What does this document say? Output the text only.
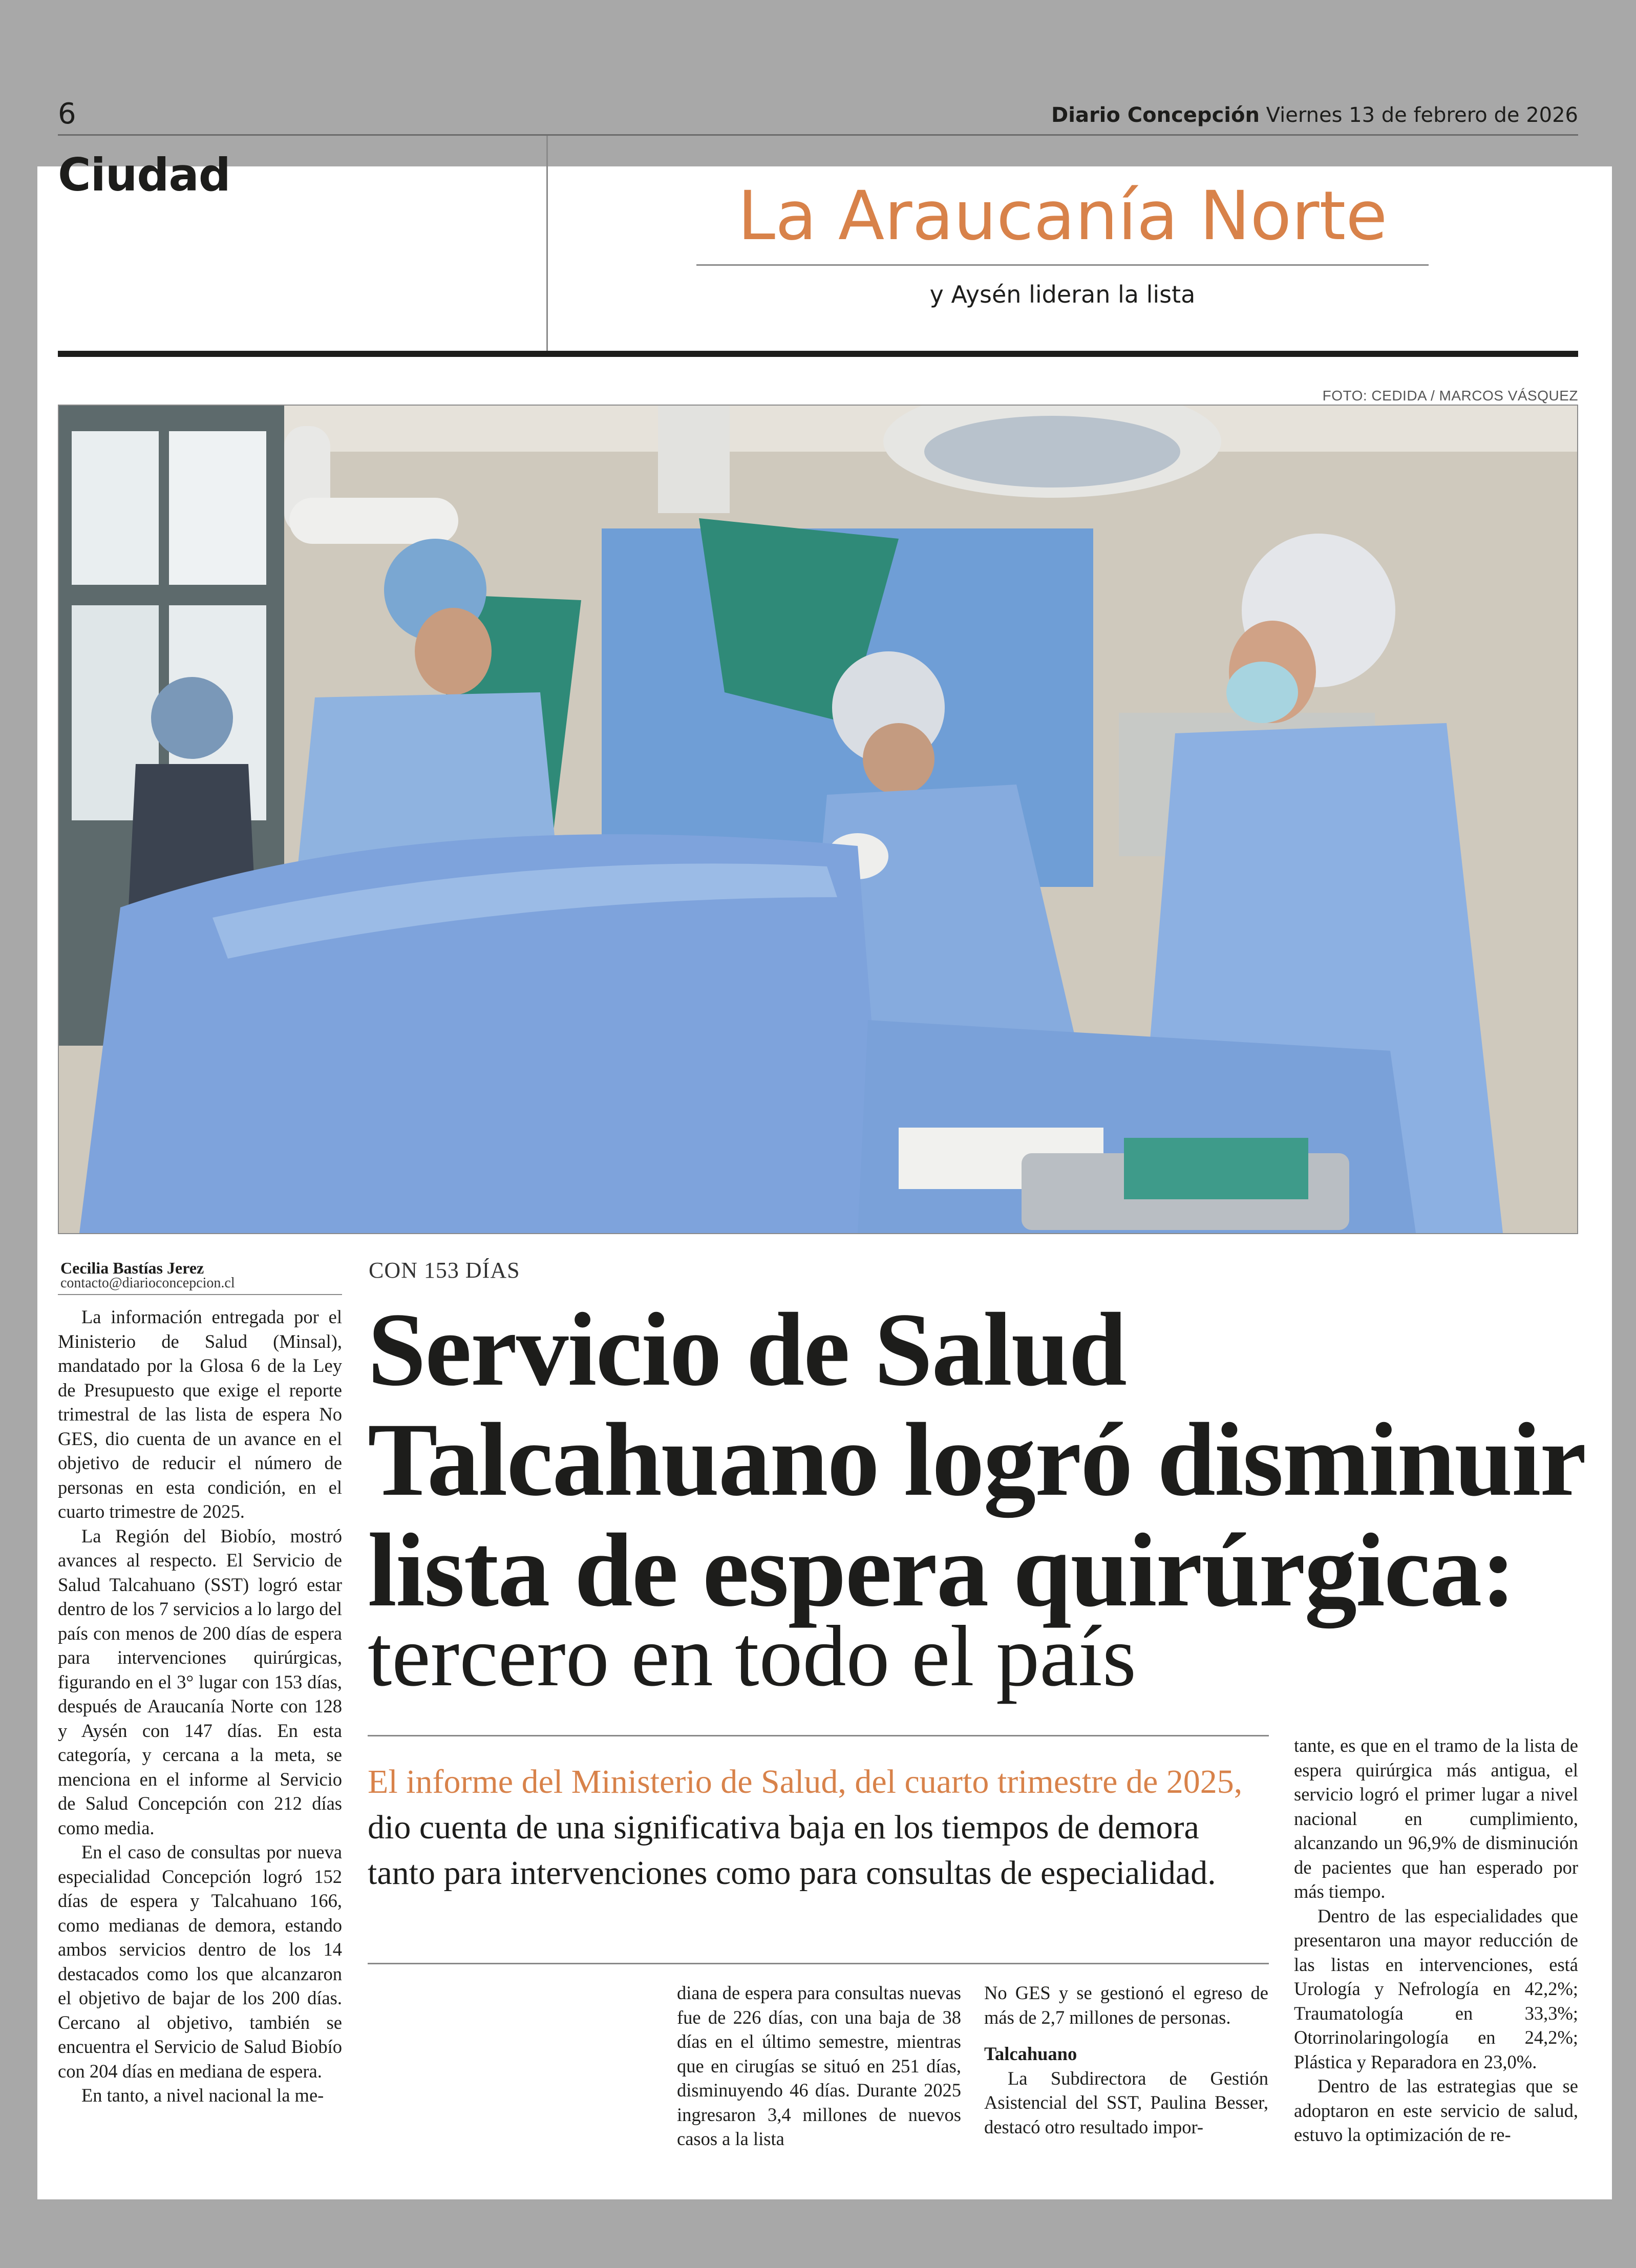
6	Diario Concepción Viernes 13 de febrero de 2026
Ciudad
La Araucanía Norte
y Aysén lideran la lista
FOTO: CEDIDA / MARCOS VÁSQUEZ
Cecilia Bastías Jerez
contacto@diarioconcepcion.cl
CON 153 DÍAS
Servicio de Salud Talcahuano logró disminuir lista de espera quirúrgica:
tercero en todo el país
El informe del Ministerio de Salud, del cuarto trimestre de 2025, dio cuenta de una significativa baja en los tiempos de demora tanto para intervenciones como para consultas de especialidad.

La información entregada por el Ministerio de Salud (Minsal), mandatado por la Glosa 6 de la Ley de Presupuesto que exige el reporte trimestral de las lista de espera No GES, dio cuenta de un avance en el objetivo de reducir el número de personas en esta condición, en el cuarto trimestre de 2025.

La Región del Biobío, mostró avances al respecto. El Servicio de Salud Talcahuano (SST) logró estar dentro de los 7 servicios a lo largo del país con menos de 200 días de espera para intervenciones quirúrgicas, figurando en el 3° lugar con 153 días, después de Araucanía Norte con 128 y Aysén con 147 días. En esta categoría, y cercana a la meta, se menciona en el informe al Servicio de Salud Concepción con 212 días como media.

En el caso de consultas por nueva especialidad Concepción logró 152 días de espera y Talcahuano 166, como medianas de demora, estando ambos servicios dentro de los 14 destacados como los que alcanzaron el objetivo de bajar de los 200 días. Cercano al objetivo, también se encuentra el Servicio de Salud Biobío con 204 días en mediana de espera.

En tanto, a nivel nacional la me-

diana de espera para consultas nuevas fue de 226 días, con una baja de 38 días en el último semestre, mientras que en cirugías se situó en 251 días, disminuyendo 46 días. Durante 2025 ingresaron 3,4 millones de nuevos casos a la lista

No GES y se gestionó el egreso de más de 2,7 millones de personas.

Talcahuano

La Subdirectora de Gestión Asistencial del SST, Paulina Besser, destacó otro resultado impor-

tante, es que en el tramo de la lista de espera quirúrgica más antigua, el servicio logró el primer lugar a nivel nacional en cumplimiento, alcanzando un 96,9% de disminución de pacientes que han esperado por más tiempo.

Dentro de las especialidades que presentaron una mayor reducción de las listas en intervenciones, está Urología y Nefrología en 42,2%; Traumatología en 33,3%; Otorrinolaringología en 24,2%; Plástica y Reparadora en 23,0%.

Dentro de las estrategias que se adoptaron en este servicio de salud, estuvo la optimización de re-
